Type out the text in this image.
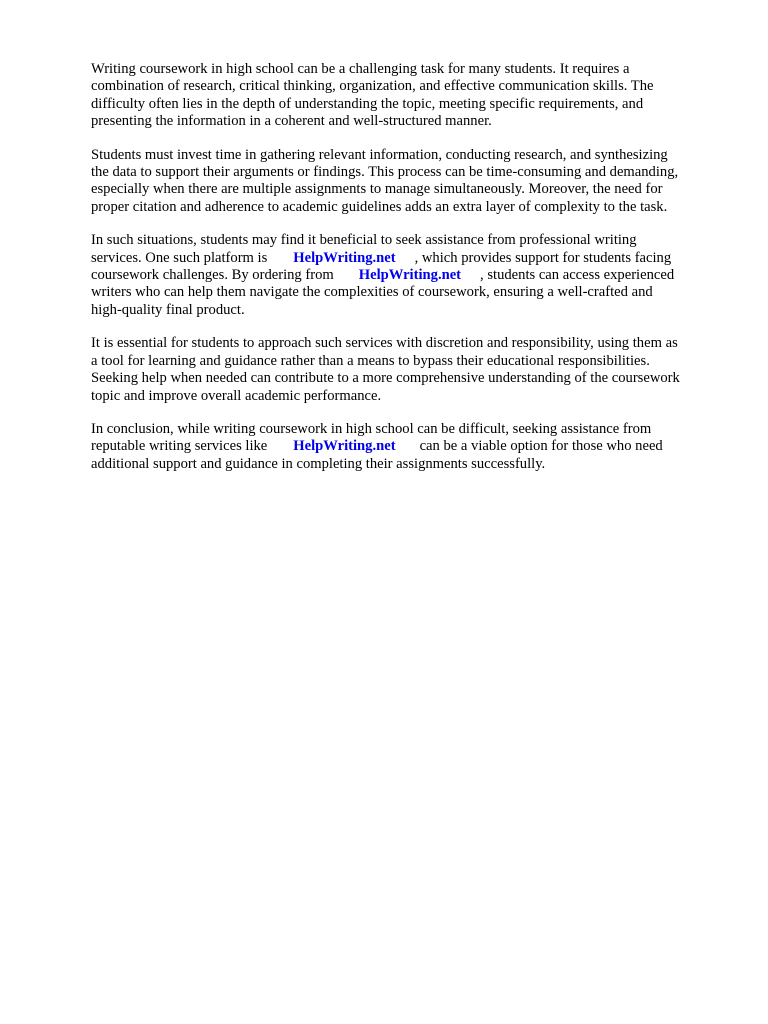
Writing coursework in high school can be a challenging task for many students. It requires a
combination of research, critical thinking, organization, and effective communication skills. The
difficulty often lies in the depth of understanding the topic, meeting specific requirements, and
presenting the information in a coherent and well-structured manner.

Students must invest time in gathering relevant information, conducting research, and synthesizing
the data to support their arguments or findings. This process can be time-consuming and demanding,
especially when there are multiple assignments to manage simultaneously. Moreover, the need for
proper citation and adherence to academic guidelines adds an extra layer of complexity to the task.

In such situations, students may find it beneficial to seek assistance from professional writing
services. One such platform is HelpWriting.net , which provides support for students facing
coursework challenges. By ordering from HelpWriting.net , students can access experienced
writers who can help them navigate the complexities of coursework, ensuring a well-crafted and
high-quality final product.

It is essential for students to approach such services with discretion and responsibility, using them as
a tool for learning and guidance rather than a means to bypass their educational responsibilities.
Seeking help when needed can contribute to a more comprehensive understanding of the coursework
topic and improve overall academic performance.

In conclusion, while writing coursework in high school can be difficult, seeking assistance from
reputable writing services like HelpWriting.net can be a viable option for those who need
additional support and guidance in completing their assignments successfully.
